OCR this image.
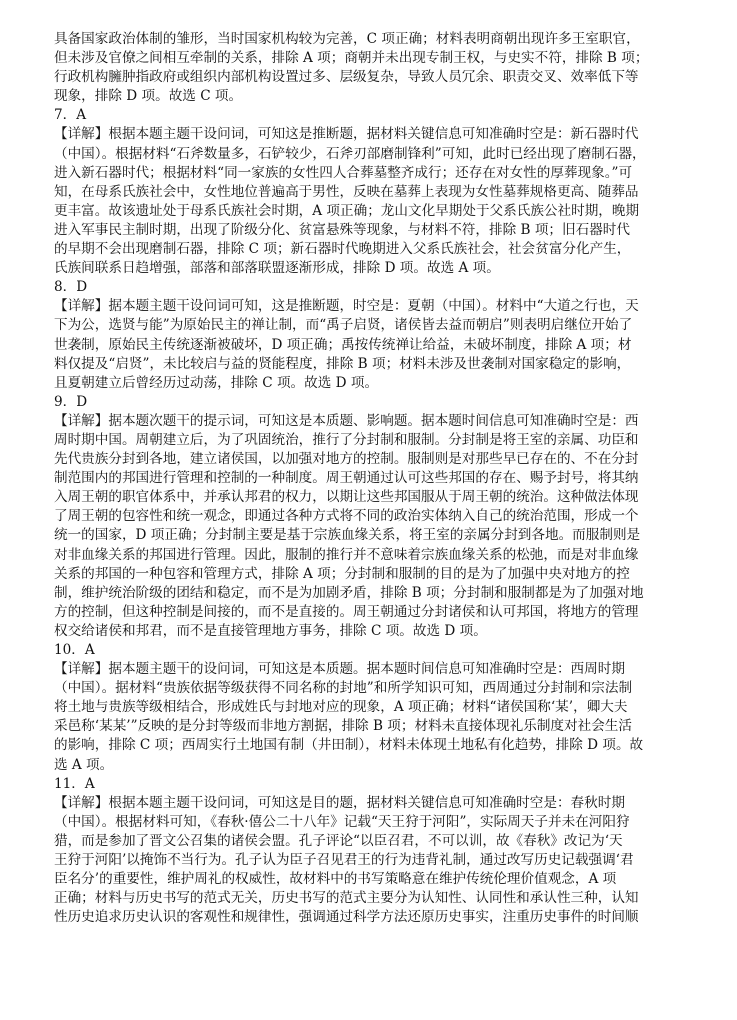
具备国家政治体制的雏形，当时国家机构较为完善，C 项正确；材料表明商朝出现许多王室职官，
但未涉及官僚之间相互牵制的关系，排除 A 项；商朝并未出现专制王权，与史实不符，排除 B 项；
行政机构臃肿指政府或组织内部机构设置过多、层级复杂，导致人员冗余、职责交叉、效率低下等
现象，排除 D 项。故选 C 项。
7．A
【详解】根据本题主题干设问词，可知这是推断题，据材料关键信息可知准确时空是：新石器时代
（中国）。根据材料“石斧数量多，石铲较少，石斧刃部磨制锋利”可知，此时已经出现了磨制石器，
进入新石器时代；根据材料“同一家族的女性四人合葬墓整齐成行；还存在对女性的厚葬现象。”可
知，在母系氏族社会中，女性地位普遍高于男性，反映在墓葬上表现为女性墓葬规格更高、随葬品
更丰富。故该遗址处于母系氏族社会时期，A 项正确；龙山文化早期处于父系氏族公社时期，晚期
进入军事民主制时期，出现了阶级分化、贫富悬殊等现象，与材料不符，排除 B 项；旧石器时代
的早期不会出现磨制石器，排除 C 项；新石器时代晚期进入父系氏族社会，社会贫富分化产生，
氏族间联系日趋增强，部落和部落联盟逐渐形成，排除 D 项。故选 A 项。
8．D
【详解】据本题主题干设问词可知，这是推断题，时空是：夏朝（中国）。材料中“大道之行也，天
下为公，选贤与能”为原始民主的禅让制，而“禹子启贤，诸侯皆去益而朝启”则表明启继位开始了
世袭制，原始民主传统逐渐被破坏，D 项正确；禹按传统禅让给益，未破坏制度，排除 A 项；材
料仅提及“启贤”，未比较启与益的贤能程度，排除 B 项；材料未涉及世袭制对国家稳定的影响，
且夏朝建立后曾经历过动荡，排除 C 项。故选 D 项。
9．D
【详解】据本题次题干的提示词，可知这是本质题、影响题。据本题时间信息可知准确时空是：西
周时期中国。周朝建立后，为了巩固统治，推行了分封制和服制。分封制是将王室的亲属、功臣和
先代贵族分封到各地，建立诸侯国，以加强对地方的控制。服制则是对那些早已存在的、不在分封
制范围内的邦国进行管理和控制的一种制度。周王朝通过认可这些邦国的存在、赐予封号，将其纳
入周王朝的职官体系中，并承认邦君的权力，以期让这些邦国服从于周王朝的统治。这种做法体现
了周王朝的包容性和统一观念，即通过各种方式将不同的政治实体纳入自己的统治范围，形成一个
统一的国家，D 项正确；分封制主要是基于宗族血缘关系，将王室的亲属分封到各地。而服制则是
对非血缘关系的邦国进行管理。因此，服制的推行并不意味着宗族血缘关系的松弛，而是对非血缘
关系的邦国的一种包容和管理方式，排除 A 项；分封制和服制的目的是为了加强中央对地方的控
制，维护统治阶级的团结和稳定，而不是为加剧矛盾，排除 B 项；分封制和服制都是为了加强对地
方的控制，但这种控制是间接的，而不是直接的。周王朝通过分封诸侯和认可邦国，将地方的管理
权交给诸侯和邦君，而不是直接管理地方事务，排除 C 项。故选 D 项。
10．A
【详解】据本题主题干的设问词，可知这是本质题。据本题时间信息可知准确时空是：西周时期
（中国）。据材料“贵族依据等级获得不同名称的封地”和所学知识可知，西周通过分封制和宗法制
将土地与贵族等级相结合，形成姓氏与封地对应的现象，A 项正确；材料“诸侯国称‘某’，卿大夫
采邑称‘某某’”反映的是分封等级而非地方割据，排除 B 项；材料未直接体现礼乐制度对社会生活
的影响，排除 C 项；西周实行土地国有制（井田制），材料未体现土地私有化趋势，排除 D 项。故
选 A 项。
11．A
【详解】根据本题主题干设问词，可知这是目的题，据材料关键信息可知准确时空是：春秋时期
（中国）。根据材料可知，《春秋·僖公二十八年》记载“天王狩于河阳”，实际周天子并未在河阳狩
猎，而是参加了晋文公召集的诸侯会盟。孔子评论“以臣召君，不可以训，故《春秋》改记为‘天
王狩于河阳’以掩饰不当行为。孔子认为臣子召见君王的行为违背礼制，通过改写历史记载强调‘君
臣名分’的重要性，维护周礼的权威性，故材料中的书写策略意在维护传统伦理价值观念，A 项
正确；材料与历史书写的范式无关，历史书写的范式主要分为认知性、认同性和承认性三种，认知
性历史追求历史认识的客观性和规律性，强调通过科学方法还原历史事实，注重历史事件的时间顺
